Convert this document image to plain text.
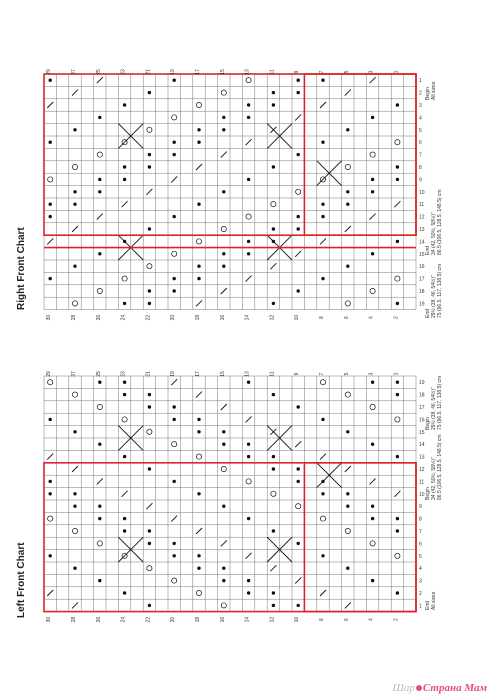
Right Front Chart
29	27	25	23	21	19	17	15	13	11	9	7	5	3	1
30	28	26	24	22	20	18	16	14	12	10	8	6	4	2
1
2
3
4
5
6
7
8
9
10
11
12
13
14
15
16
17
18
19
Begin All sizes
End 34 (42, 50½, 58½)" 86.5 (106.5, 128.5, 148.5) cm
End 29½ (38, 46, 54½)" 75 (96.5, 117, 138.5) cm
Left Front Chart
29	27	25	23	21	19	17	15	13	11	9	7	5	3	1
30	28	26	24	22	20	18	16	14	12	10	8	6	4	2
19
18
17
16
15
14
13
12
11
10
9
8
7
6
5
4
3
2
1
Begin 29½ (38, 46, 54½)" 75 (96.5, 117, 138.5) cm
Begin 34 (42, 50½, 58½)" 86.5 (106.5, 128.5, 148.5) cm
End All sizes
Шар Страна Мам
